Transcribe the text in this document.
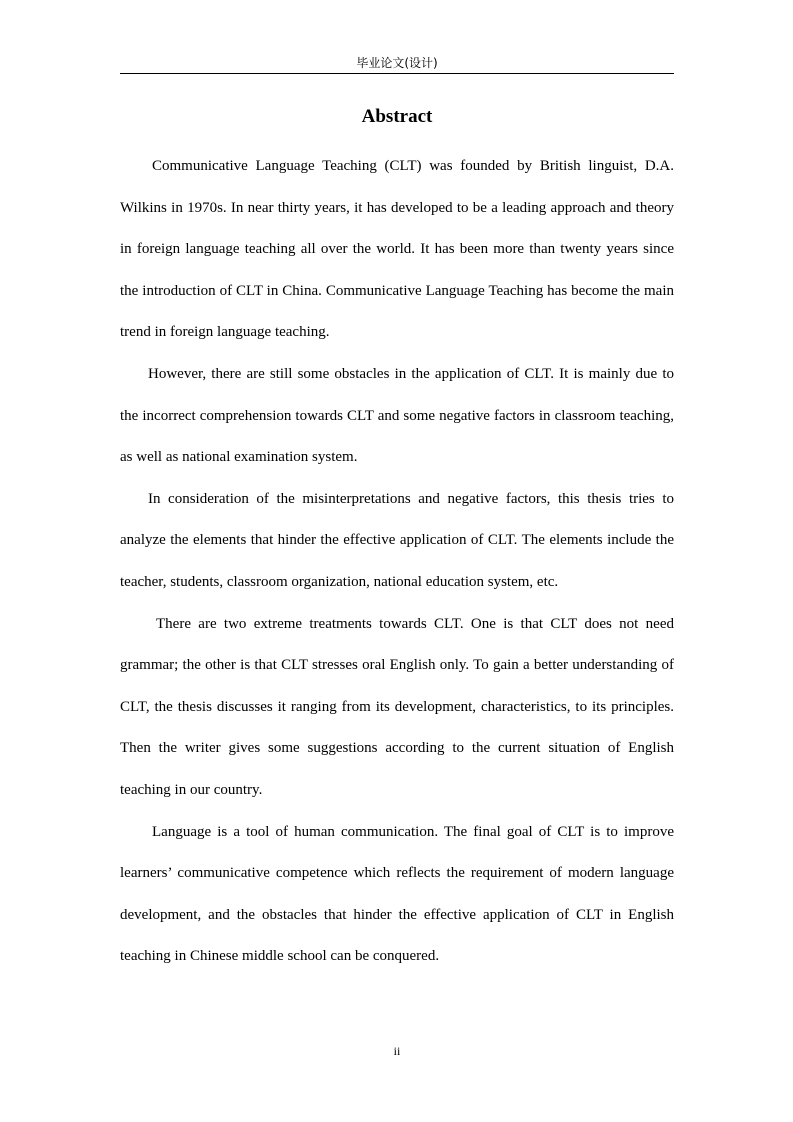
毕业论文(设计)
Abstract

Communicative Language Teaching (CLT) was founded by British linguist, D.A. Wilkins in 1970s. In near thirty years, it has developed to be a leading approach and theory in foreign language teaching all over the world. It has been more than twenty years since the introduction of CLT in China. Communicative Language Teaching has become the main trend in foreign language teaching.

However, there are still some obstacles in the application of CLT. It is mainly due to the incorrect comprehension towards CLT and some negative factors in classroom teaching, as well as national examination system.

In consideration of the misinterpretations and negative factors, this thesis tries to analyze the elements that hinder the effective application of CLT. The elements include the teacher, students, classroom organization, national education system, etc.

There are two extreme treatments towards CLT. One is that CLT does not need grammar; the other is that CLT stresses oral English only. To gain a better understanding of CLT, the thesis discusses it ranging from its development, characteristics, to its principles. Then the writer gives some suggestions according to the current situation of English teaching in our country.

Language is a tool of human communication. The final goal of CLT is to improve learners’ communicative competence which reflects the requirement of modern language development, and the obstacles that hinder the effective application of CLT in English teaching in Chinese middle school can be conquered.

ii
